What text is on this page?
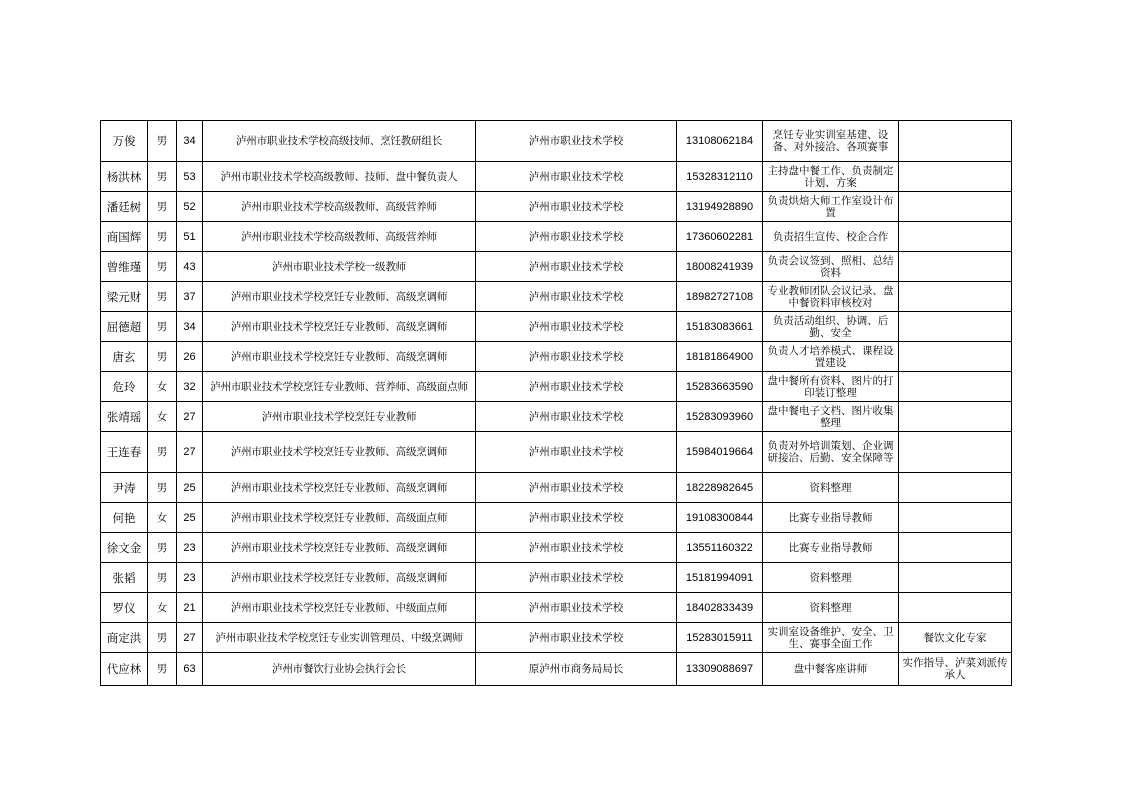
万俊	男	34	泸州市职业技术学校高级技师、烹饪教研组长	泸州市职业技术学校	13108062184	烹饪专业实训室基建、设备、对外接洽、各项赛事	
杨洪林	男	53	泸州市职业技术学校高级教师、技师、盘中餐负责人	泸州市职业技术学校	15328312110	主持盘中餐工作、负责制定计划、方案	
潘廷树	男	52	泸州市职业技术学校高级教师、高级营养师	泸州市职业技术学校	13194928890	负责烘焙大师工作室设计布置	
商国辉	男	51	泸州市职业技术学校高级教师、高级营养师	泸州市职业技术学校	17360602281	负责招生宣传、校企合作	
曾维瑾	男	43	泸州市职业技术学校一级教师	泸州市职业技术学校	18008241939	负责会议签到、照相、总结资料	
梁元财	男	37	泸州市职业技术学校烹饪专业教师、高级烹调师	泸州市职业技术学校	18982727108	专业教师团队会议记录、盘中餐资料审核校对	
屈德超	男	34	泸州市职业技术学校烹饪专业教师、高级烹调师	泸州市职业技术学校	15183083661	负责活动组织、协调、后勤、安全	
唐玄	男	26	泸州市职业技术学校烹饪专业教师、高级烹调师	泸州市职业技术学校	18181864900	负责人才培养模式、课程设置建设	
危玲	女	32	泸州市职业技术学校烹饪专业教师、营养师、高级面点师	泸州市职业技术学校	15283663590	盘中餐所有资料、图片的打印装订整理	
张靖瑶	女	27	泸州市职业技术学校烹饪专业教师	泸州市职业技术学校	15283093960	盘中餐电子文档、图片收集整理	
王连春	男	27	泸州市职业技术学校烹饪专业教师、高级烹调师	泸州市职业技术学校	15984019664	负责对外培训策划、企业调研接洽、后勤、安全保障等	
尹涛	男	25	泸州市职业技术学校烹饪专业教师、高级烹调师	泸州市职业技术学校	18228982645	资料整理	
何艳	女	25	泸州市职业技术学校烹饪专业教师、高级面点师	泸州市职业技术学校	19108300844	比赛专业指导教师	
徐文金	男	23	泸州市职业技术学校烹饪专业教师、高级烹调师	泸州市职业技术学校	13551160322	比赛专业指导教师	
张韬	男	23	泸州市职业技术学校烹饪专业教师、高级烹调师	泸州市职业技术学校	15181994091	资料整理	
罗仪	女	21	泸州市职业技术学校烹饪专业教师、中级面点师	泸州市职业技术学校	18402833439	资料整理	
商定洪	男	27	泸州市职业技术学校烹饪专业实训管理员、中级烹调师	泸州市职业技术学校	15283015911	实训室设备维护、安全、卫生、赛事全面工作	餐饮文化专家
代应林	男	63	泸州市餐饮行业协会执行会长	原泸州市商务局局长	13309088697	盘中餐客座讲师	实作指导、泸菜刘派传承人
